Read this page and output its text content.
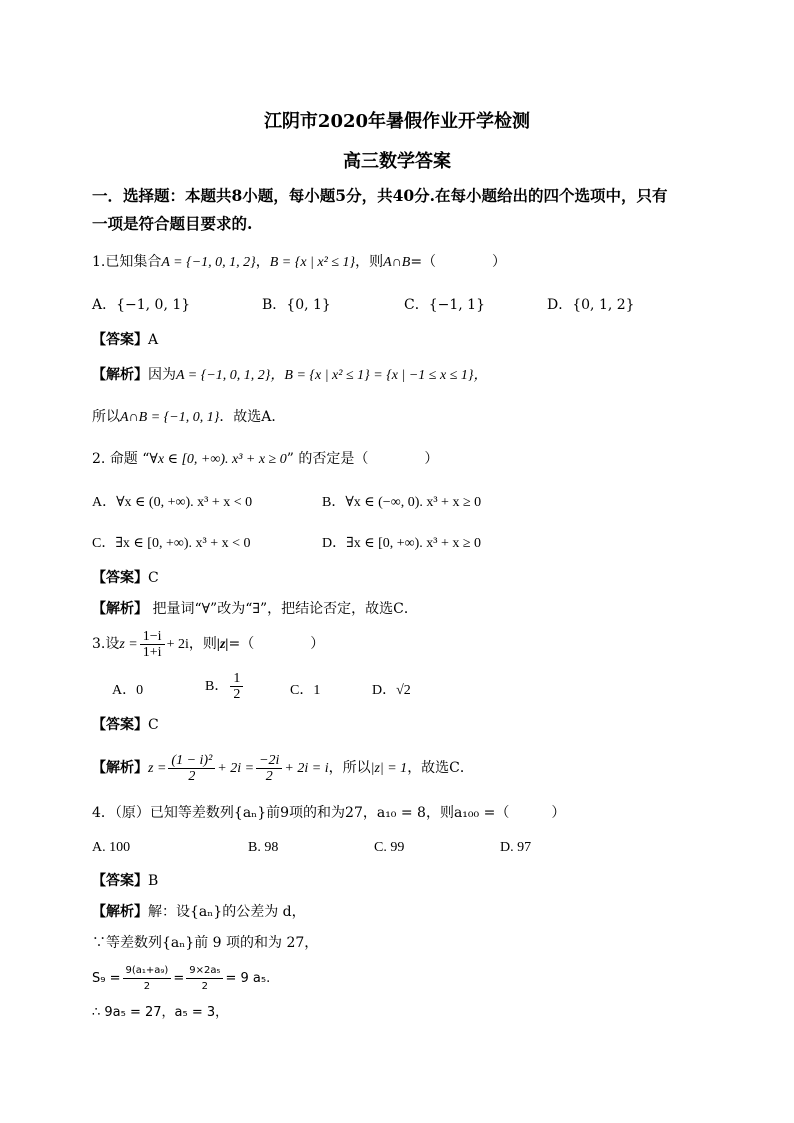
江阴市2020年暑假作业开学检测
高三数学答案
一．选择题：本题共8小题，每小题5分，共40分.在每小题给出的四个选项中，只有
一项是符合题目要求的.
1.已知集合A = {−1, 0, 1, 2}，B = {x | x² ≤ 1}，则A∩B=（　　　　）
A．{−1, 0, 1}	B．{0, 1}	C．{−1, 1}	D．{0, 1, 2}
【答案】A
【解析】因为A = {−1, 0, 1, 2}，B = {x | x² ≤ 1} = {x | −1 ≤ x ≤ 1}，
所以A∩B = {−1, 0, 1}．故选A．
2. 命题 “∀x ∈ [0, +∞). x³ + x ≥ 0” 的否定是（　　　　）
A．∀x ∈ (0, +∞). x³ + x < 0	B．∀x ∈ (−∞, 0). x³ + x ≥ 0
C．∃x ∈ [0, +∞). x³ + x < 0	D．∃x ∈ [0, +∞). x³ + x ≥ 0
【答案】C
【解析】 把量词“∀”改为“∃”，把结论否定，故选C．
3.设$z = \frac{1-i}{1+i} + 2i$，则|z|=（　　　　）
A．0	B． $\frac{1}{2}$	C．1	D．√2
【答案】C
【解析】$z = \frac{\text{(1 − i)²}}{2} + 2i = \frac{-2i}{2} + 2i = i$，所以|z| = 1，故选C．
4．（原）已知等差数列{aₙ}前9项的和为27，a₁₀ = 8，则a₁₀₀ =（　　　）
A. 100	B. 98	C. 99	D. 97
【答案】B
【解析】解：设{aₙ}的公差为 d，
∵等差数列{aₙ}前 9 项的和为 27，
$S_9 = \frac{\text{9(a₁+a₉)}}{2} = \frac{\text{9×2a₅}}{2} = 9$ a₅.
∴ 9a₅ = 27，a₅ = 3，
